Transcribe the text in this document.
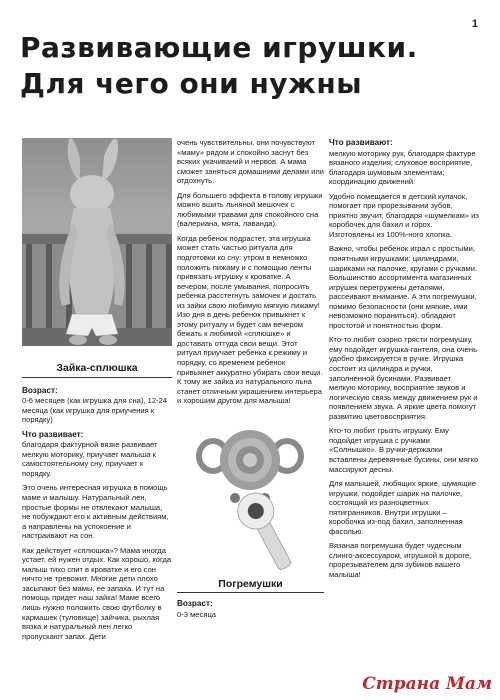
1
Развивающие игрушки.
Для чего они нужны
Зайка-сплюшка

Возраст:

0-6 месяцев (как игрушка для сна), 12-24 месяца (как игрушка для приучения к порядку)

Что развивает:

благодаря фактурной вязке развивает мелкую моторику, приучает малыша к самостоятельному сну, приучает к порядку.

Это очень интересная игрушка в помощь маме и малышу. Натуральный лен, простые формы не отвлекают малыша, не побуждают его к активным действиям, а направлены на успокоение и настраивают на сон.

Как действует «сплюшка»? Мама иногда устает, ей нужен отдых. Как хорошо, когда малыш тихо спит в кроватке и его сон ничто не тревожит. Многие дети плохо засыпают без мамы, ее запаха. И тут на помощь придет наш зайка! Маме всего лишь нужно положить свою футболку в кармашек (туловище) зайчика, рыхлая вязка и натуральный лен легко пропускают запах. Дети

очень чувствительны, они почувствуют «маму» рядом и спокойно заснут без всяких укачиваний и нервов. А мама сможет заняться домашними делами или отдохнуть.

Для большего эффекта в голову игрушки можно вшить льняной мешочек с любимыми травами для спокойного сна (валериана, мята, лаванда).

Когда ребенок подрастет, эта игрушка может стать частью ритуала для подготовки ко сну: утром в немножко положить пижаму и с помощью ленты привязать игрушку к кроватке. А вечером, после умывания, попросить ребенка расстегнуть замочек и достать из зайки свою любимую мягкую пижаму! Изо дня в день ребенок привыкнет к этому ритуалу и будет сам вечером бежать к любимой «сплюшке» и доставать оттуда свои вещи. Этот ритуал приучает ребенка к режиму и порядку, со временем ребенок привыкнет аккуратно убирать свои вещи. К тому же зайка из натурального льна станет отличным украшением интерьера и хорошим другом для малыша!

Погремушки

Возраст:

0-3 месяца

Что развивают:

мелкую моторику рук, благодаря фактуре вязаного изделия; слуховое восприятие, благодаря шумовым элементам; координацию движений.

Удобно помещается в детский кулачок, помогает при прорезывании зубов, приятно звучит, благодаря «шумелкам» из коробочек для бахил и горох. Изготовлены из 100%-ного хлопка.

Важно, чтобы ребенок играл с простыми, понятными игрушками: цилиндрами, шариками на палочке, кругами с ручками. Большинство ассортимента магазинных игрушек перегружены деталями, рассеивают внимание. А эти погремушки, помимо безопасности (они мягкие, ими невозможно пораниться), обладают простотой и понятностью форм.

Кто-то любит озорно трясти погремушку, ему подойдет игрушка-гантеля, она очень удобно фиксируется в ручке. Игрушка состоит из цилиндра и ручки, заполненной бусинами. Развивает мелкую моторику, восприятие звуков и логическую связь между движением рук и появлением звука. А яркие цвета помогут развитию цветовосприятия.

Кто-то любит грызть игрушку. Ему подойдет игрушка с ручками «Солнышко». В ручки-держалки вставлены деревянные бусины, они мягко массируют десны.

Для малышей, любящих яркие, шумящие игрушки, подойдет шарик на палочке, состоящий из разноцветных пятигранников. Внутри игрушки – коробочка из-под бахил, заполненная фасолью.

Вязаная погремушка будет чудесным слинго-аксессуаром, игрушкой в дороге, прорезывателем для зубиков вашего малыша!

Страна Мам
